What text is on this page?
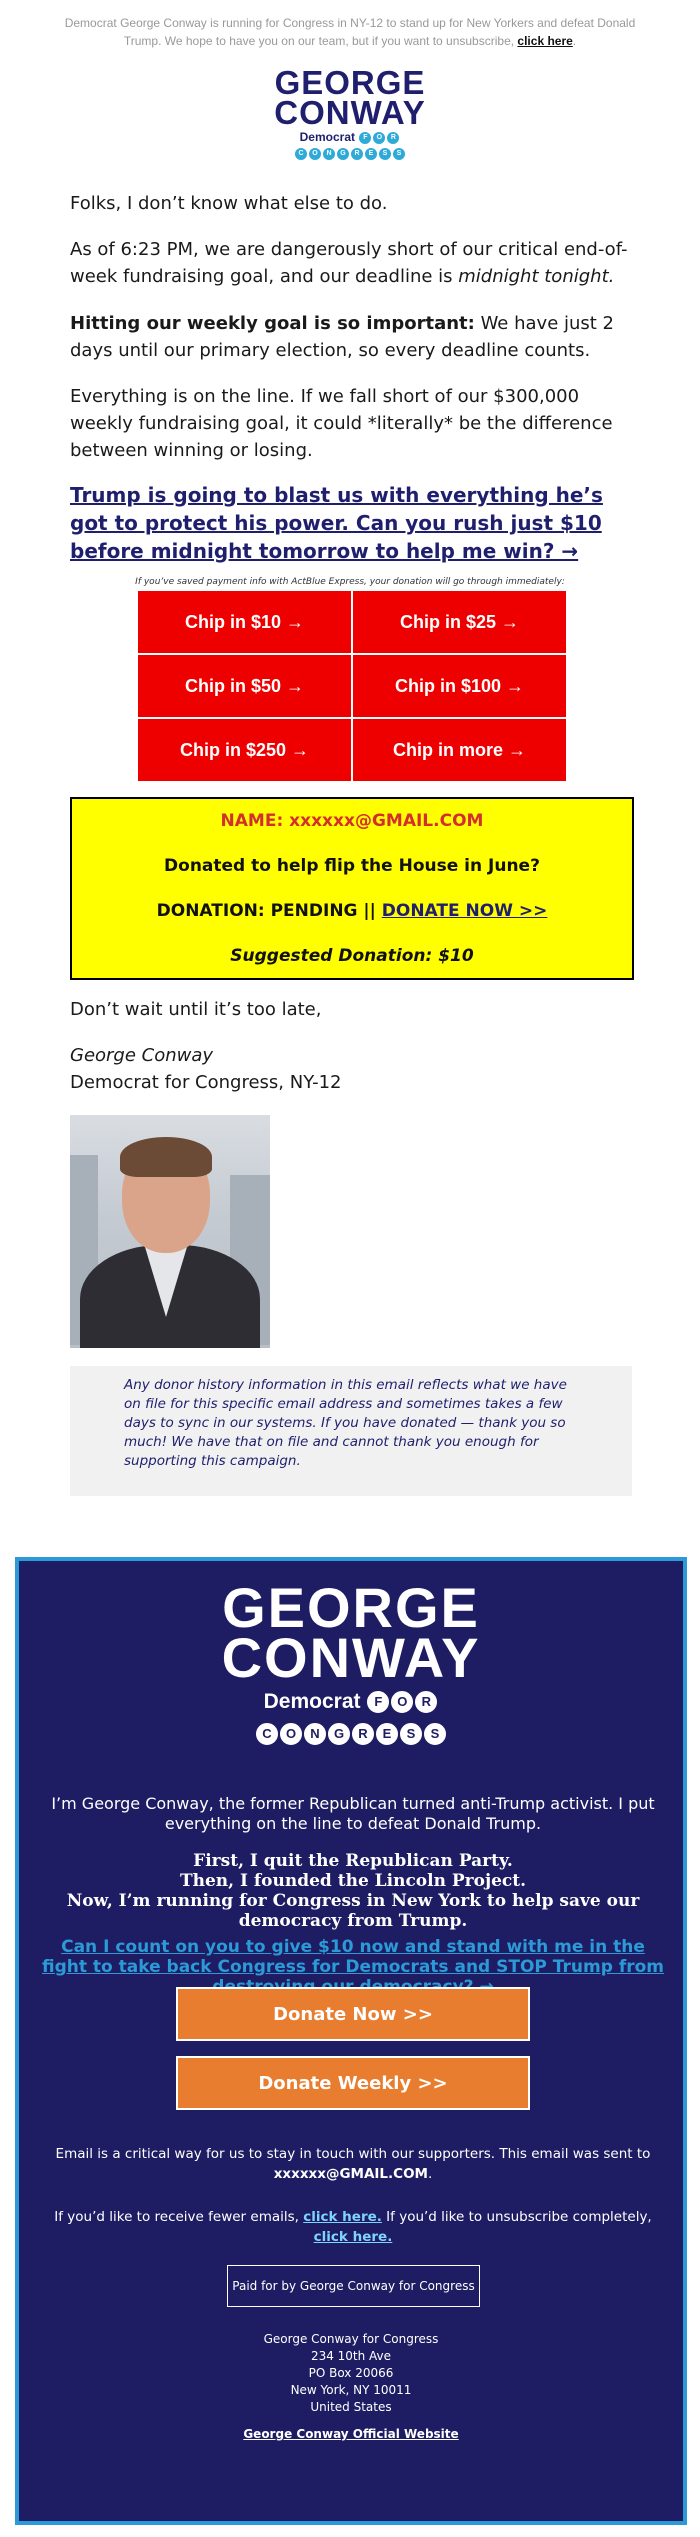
Democrat George Conway is running for Congress in NY-12 to stand up for New Yorkers and defeat Donald Trump. We hope to have you on our team, but if you want to unsubscribe, click here.
GEORGE
CONWAY
Democrat F O R
C O N G R E S S

Folks, I don’t know what else to do.

As of 6:23 PM, we are dangerously short of our critical end-of-week fundraising goal, and our deadline is midnight tonight.

Hitting our weekly goal is so important: We have just 2 days until our primary election, so every deadline counts.

Everything is on the line. If we fall short of our $300,000 weekly fundraising goal, it could *literally* be the difference between winning or losing.

Trump is going to blast us with everything he’s got to protect his power. Can you rush just $10 before midnight tomorrow to help me win? →
If you’ve saved payment info with ActBlue Express, your donation will go through immediately:
Chip in $10 →	Chip in $25 →
Chip in $50 →	Chip in $100 →
Chip in $250 →	Chip in more →
NAME: xxxxxx@GMAIL.COM
Donated to help flip the House in June?
DONATION: PENDING || DONATE NOW >>
Suggested Donation: $10

Don’t wait until it’s too late,

George Conway

Democrat for Congress, NY-12

Any donor history information in this email reflects what we have on file for this specific email address and sometimes takes a few days to sync in our systems. If you have donated — thank you so much! We have that on file and cannot thank you enough for supporting this campaign.

GEORGE
CONWAY
Democrat F O R
C O N G R E S S
I’m George Conway, the former Republican turned anti-Trump activist. I put everything on the line to defeat Donald Trump.
First, I quit the Republican Party.
Then, I founded the Lincoln Project.
Now, I’m running for Congress in New York to help save our democracy from Trump.
Can I count on you to give $10 now and stand with me in the fight to take back Congress for Democrats and STOP Trump from
Donate Now >>
Donate Weekly >>
Email is a critical way for us to stay in touch with our supporters. This email was sent to xxxxxx@GMAIL.COM.
If you’d like to receive fewer emails, click here. If you’d like to unsubscribe completely, click here.
Paid for by George Conway for Congress
George Conway for Congress
234 10th Ave
PO Box 20066
New York, NY 10011
United States
George Conway Official Website
